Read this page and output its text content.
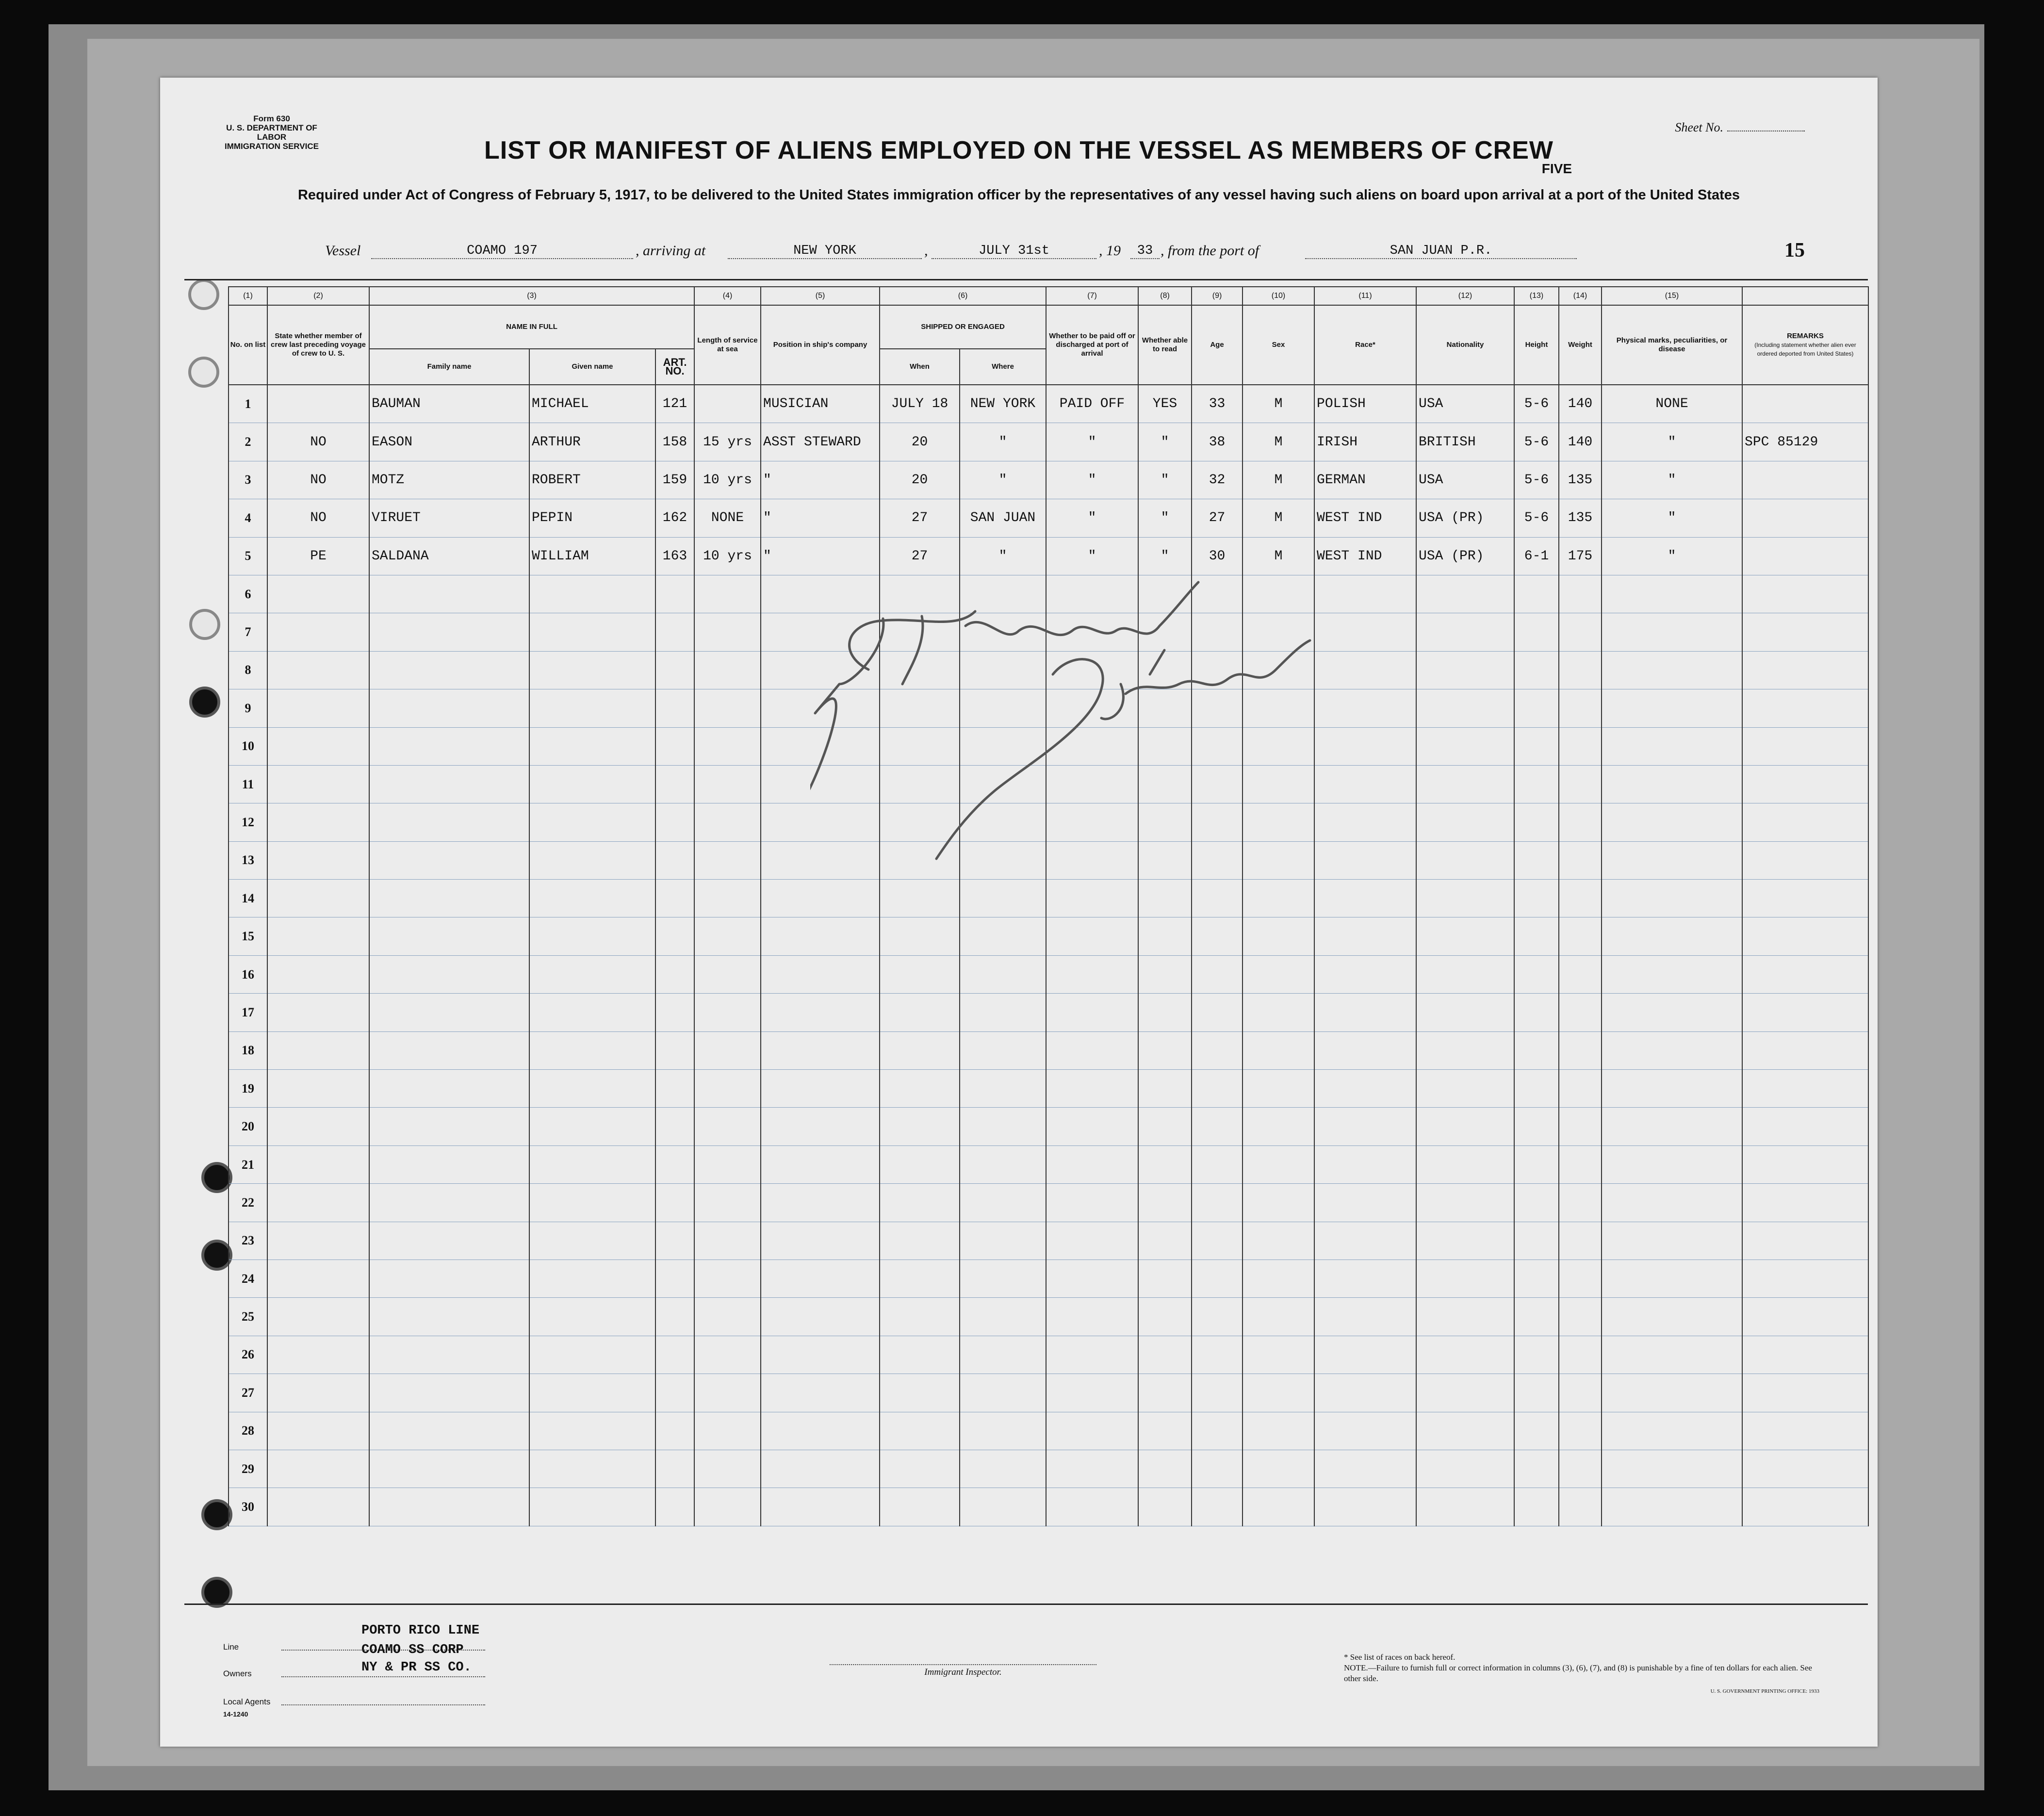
Form 630
U. S. DEPARTMENT OF LABOR
IMMIGRATION SERVICE
Sheet No.
FIVE
LIST OR MANIFEST OF ALIENS EMPLOYED ON THE VESSEL AS MEMBERS OF CREW
Required under Act of Congress of February 5, 1917, to be delivered to the United States immigration officer by the representatives of any vessel having such aliens on board upon arrival at a port of the United States
Vessel	COAMO 197	, arriving at	NEW YORK	,	JULY 31st	, 19	33 , from the port of	SAN JUAN P.R.	15
(1)	(2)	(3)			(4)	(5)	(6)		(7)	(8)	(9)	(10)	(11)	(12)	(13)	(14)	(15)	
No. on list	State whether member of crew last preceding voyage of crew to U. S.	NAME IN FULL			Length of service at sea	Position in ship's company	SHIPPED OR ENGAGED		Whether to be paid off or discharged at port of arrival	Whether able to read	Age	Sex	Race*	Nationality	Height	Weight	Physical marks, peculiarities, or disease	REMARKS
(Including statement whether alien ever ordered deported from United States)

		Family name	Given name	ART. NO.			When	Where										
1		BAUMAN	MICHAEL	121		MUSICIAN	JULY 18	NEW YORK	PAID OFF	YES	33	M	POLISH	USA	5-6	140	NONE	
2	NO	EASON	ARTHUR	158	15 yrs	ASST STEWARD	20	"	"	"	38	M	IRISH	BRITISH	5-6	140	"	SPC 85129
3	NO	MOTZ	ROBERT	159	10 yrs	"	20	"	"	"	32	M	GERMAN	USA	5-6	135	"	
4	NO	VIRUET	PEPIN	162	NONE	"	27	SAN JUAN	"	"	27	M	WEST IND	USA (PR)	5-6	135	"	
5	PE	SALDANA	WILLIAM	163	10 yrs	"	27	"	"	"	30	M	WEST IND	USA (PR)	6-1	175	"	
6																		
7																		
8																		
9																		
10																		
11																		
12																		
13																		
14																		
15																		
16																		
17																		
18																		
19																		
20																		
21																		
22																		
23																		
24																		
25																		
26																		
27																		
28																		
29																		
30																		
Line
PORTO RICO LINE
Owners
COAMO SS CORP
NY & PR SS CO.
Local Agents
14-1240
Immigrant Inspector.
* See list of races on back hereof.
NOTE.—Failure to furnish full or correct information in columns (3), (6), (7), and (8) is punishable by a fine of ten dollars for each alien. See other side.
U. S. GOVERNMENT PRINTING OFFICE: 1933
